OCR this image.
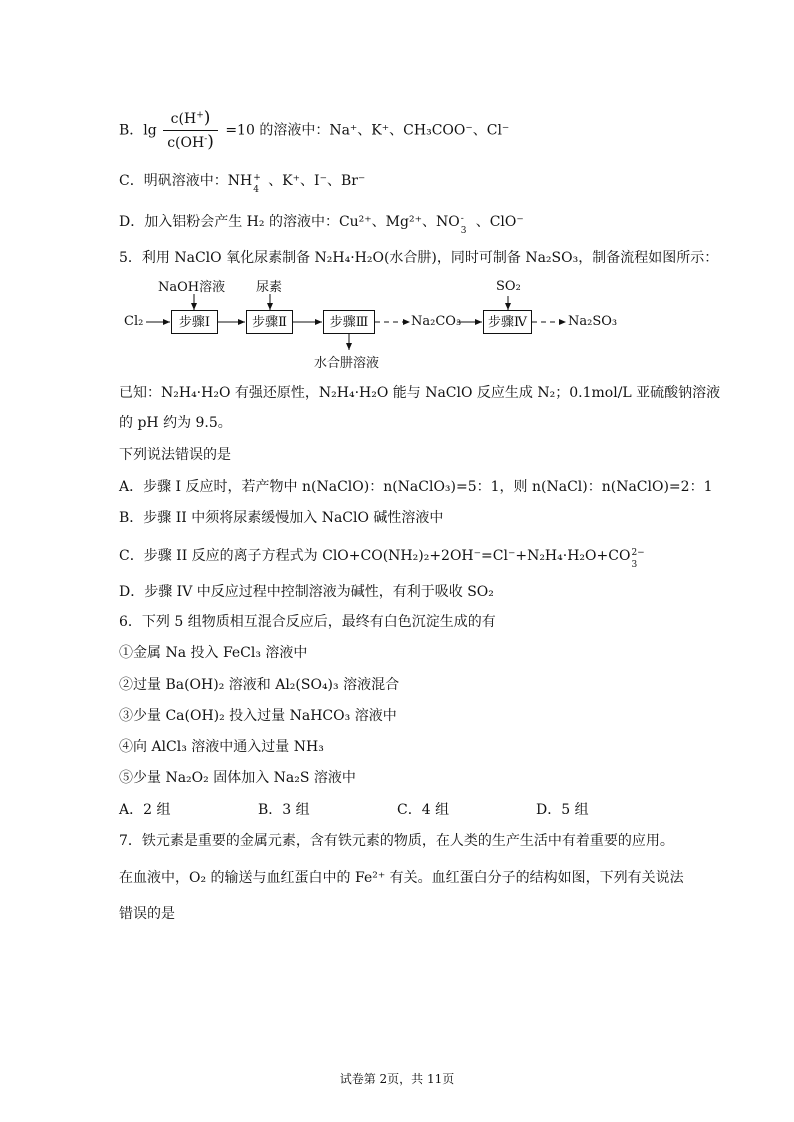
B．$\lg \frac{c(H^+)}{c(OH^-)} =10$ 的溶液中：Na⁺、K⁺、CH₃COO⁻、Cl⁻
C．明矾溶液中：NH +
4
、K⁺、I⁻、Br⁻
D．加入铝粉会产生 H₂ 的溶液中：Cu²⁺、Mg²⁺、NO -
3
、ClO⁻
5．利用 NaClO 氧化尿素制备 N₂H₄·H₂O(水合肼)，同时可制备 Na₂SO₃，制备流程如图所示：
Cl₂
NaOH溶液 尿素	SO₂
步骤Ⅰ	步骤Ⅱ	步骤Ⅲ	步骤Ⅳ
Na₂CO₃	Na₂SO₃
水合肼溶液
已知：N₂H₄·H₂O 有强还原性，N₂H₄·H₂O 能与 NaClO 反应生成 N₂；0.1mol/L 亚硫酸钠溶液
的 pH 约为 9.5。
下列说法错误的是
A．步骤 I 反应时，若产物中 n(NaClO)：n(NaClO₃)=5：1，则 n(NaCl)：n(NaClO)=2：1
B．步骤 II 中须将尿素缓慢加入 NaClO 碱性溶液中
C．步骤 II 反应的离子方程式为 ClO+CO(NH₂)₂+2OH⁻=Cl⁻+N₂H₄·H₂O+CO 2−
3
D．步骤 IV 中反应过程中控制溶液为碱性，有利于吸收 SO₂
6．下列 5 组物质相互混合反应后，最终有白色沉淀生成的有
①金属 Na 投入 FeCl₃ 溶液中
②过量 Ba(OH)₂ 溶液和 Al₂(SO₄)₃ 溶液混合
③少量 Ca(OH)₂ 投入过量 NaHCO₃ 溶液中
④向 AlCl₃ 溶液中通入过量 NH₃
⑤少量 Na₂O₂ 固体加入 Na₂S 溶液中
A．2 组	B．3 组	C．4 组	D．5 组
7．铁元素是重要的金属元素，含有铁元素的物质，在人类的生产生活中有着重要的应用。
在血液中，O₂ 的输送与血红蛋白中的 Fe²⁺ 有关。血红蛋白分子的结构如图，下列有关说法
错误的是
试卷第 2页，共 11页
